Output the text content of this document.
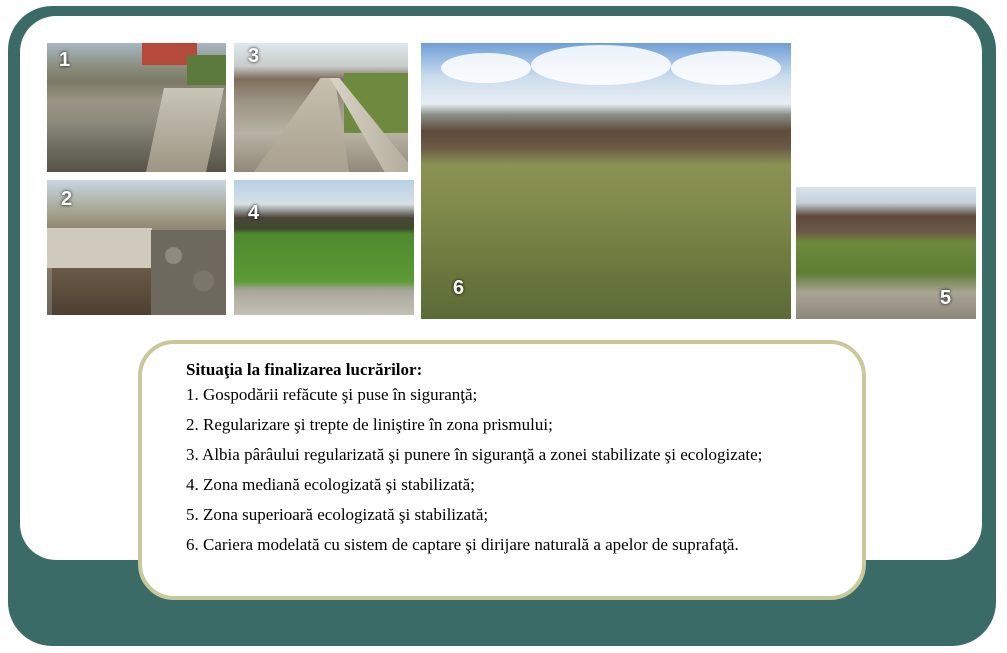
1	3
2
4
6	5
Situaţia la finalizarea lucrărilor:
1. Gospodării refăcute şi puse în siguranţă;
2. Regularizare şi trepte de liniştire în zona prismului;
3. Albia pârâului regularizată şi punere în siguranţă a zonei stabilizate şi ecologizate;
4. Zona mediană ecologizată şi stabilizată;
5. Zona superioară ecologizată şi stabilizată;
6. Cariera modelată cu sistem de captare şi dirijare naturală a apelor de suprafaţă.
